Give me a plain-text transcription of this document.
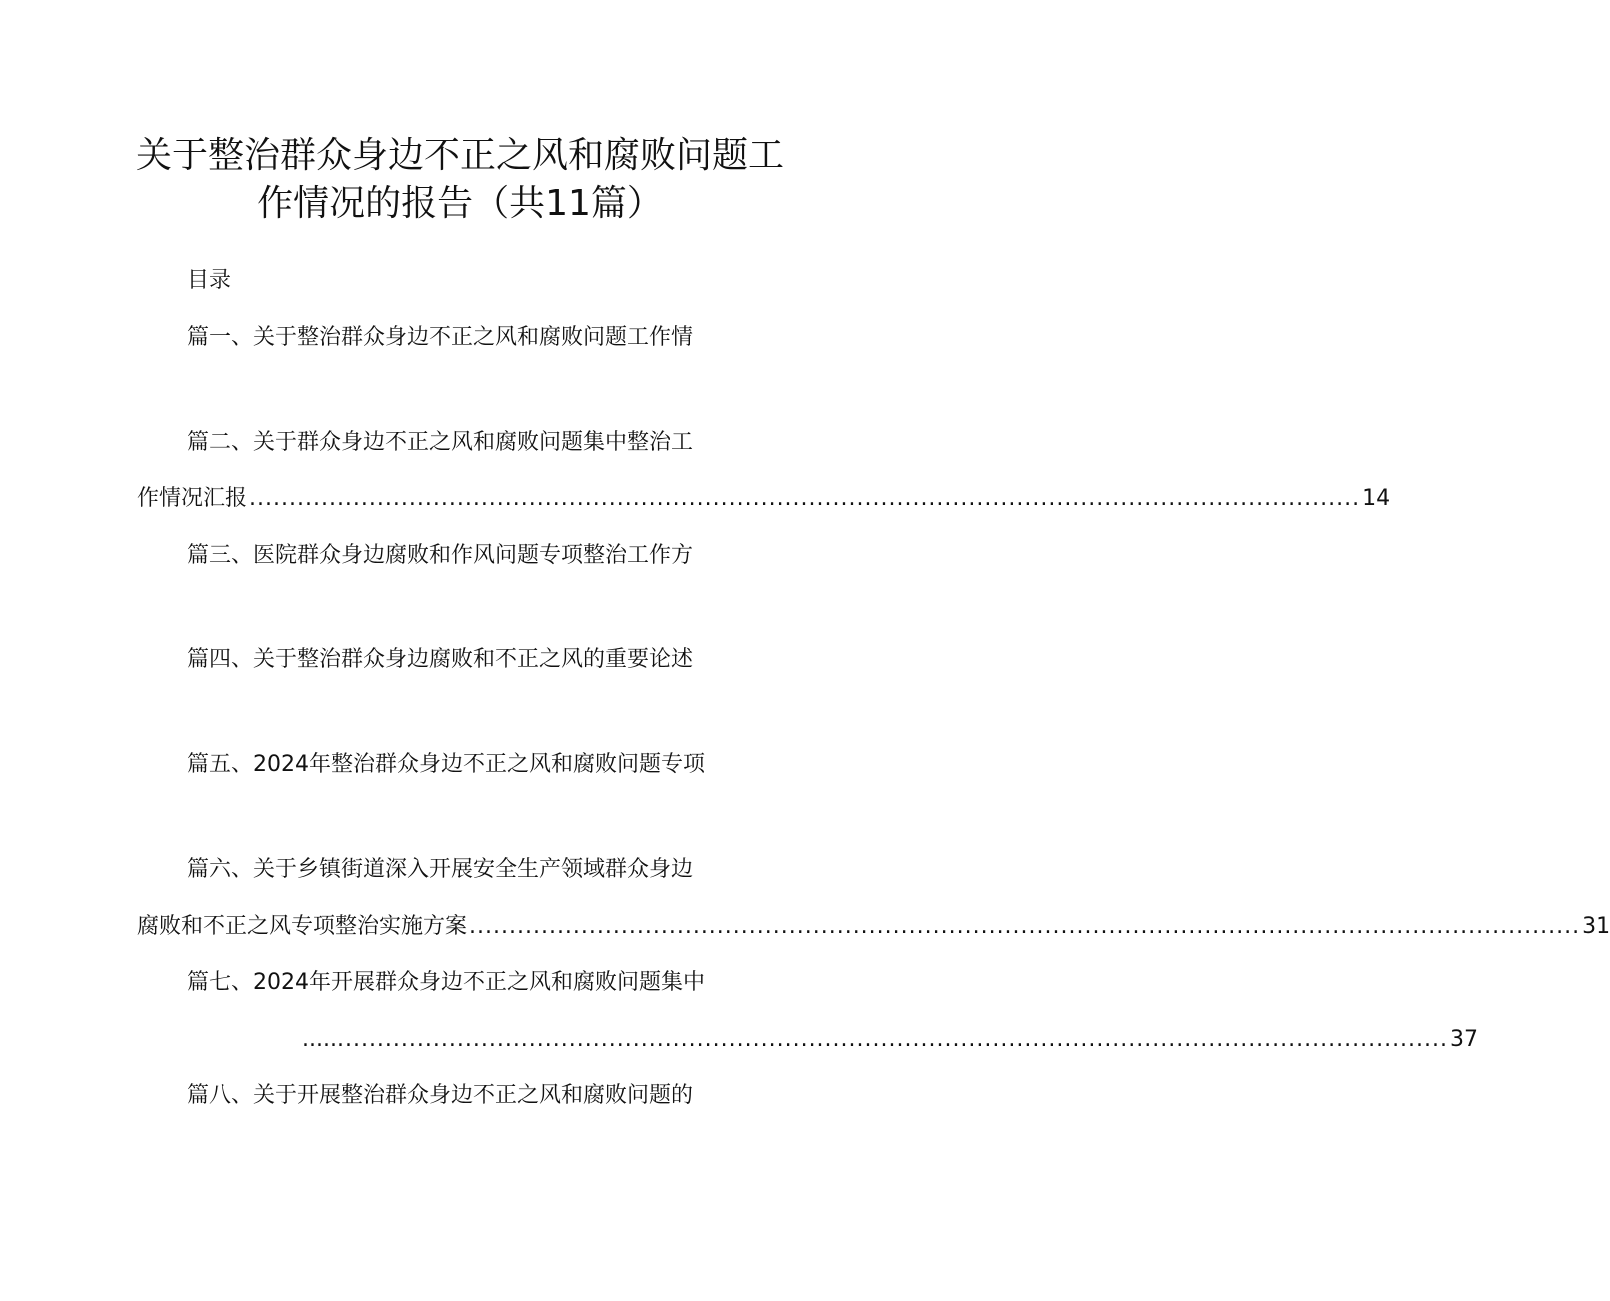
关于整治群众身边不正之风和腐败问题工
作情况的报告（共11篇）
目录
篇一、关于整治群众身边不正之风和腐败问题工作情
篇二、关于群众身边不正之风和腐败问题集中整治工
作情况汇报 ........................................................................................................................................... 14
篇三、医院群众身边腐败和作风问题专项整治工作方
篇四、关于整治群众身边腐败和不正之风的重要论述
篇五、2024年整治群众身边不正之风和腐败问题专项
篇六、关于乡镇街道深入开展安全生产领域群众身边
腐败和不正之风专项整治实施方案 ........................................................................................................................................... 31
篇七、2024年开展群众身边不正之风和腐败问题集中
..... ........................................................................................................................................... 37
篇八、关于开展整治群众身边不正之风和腐败问题的
